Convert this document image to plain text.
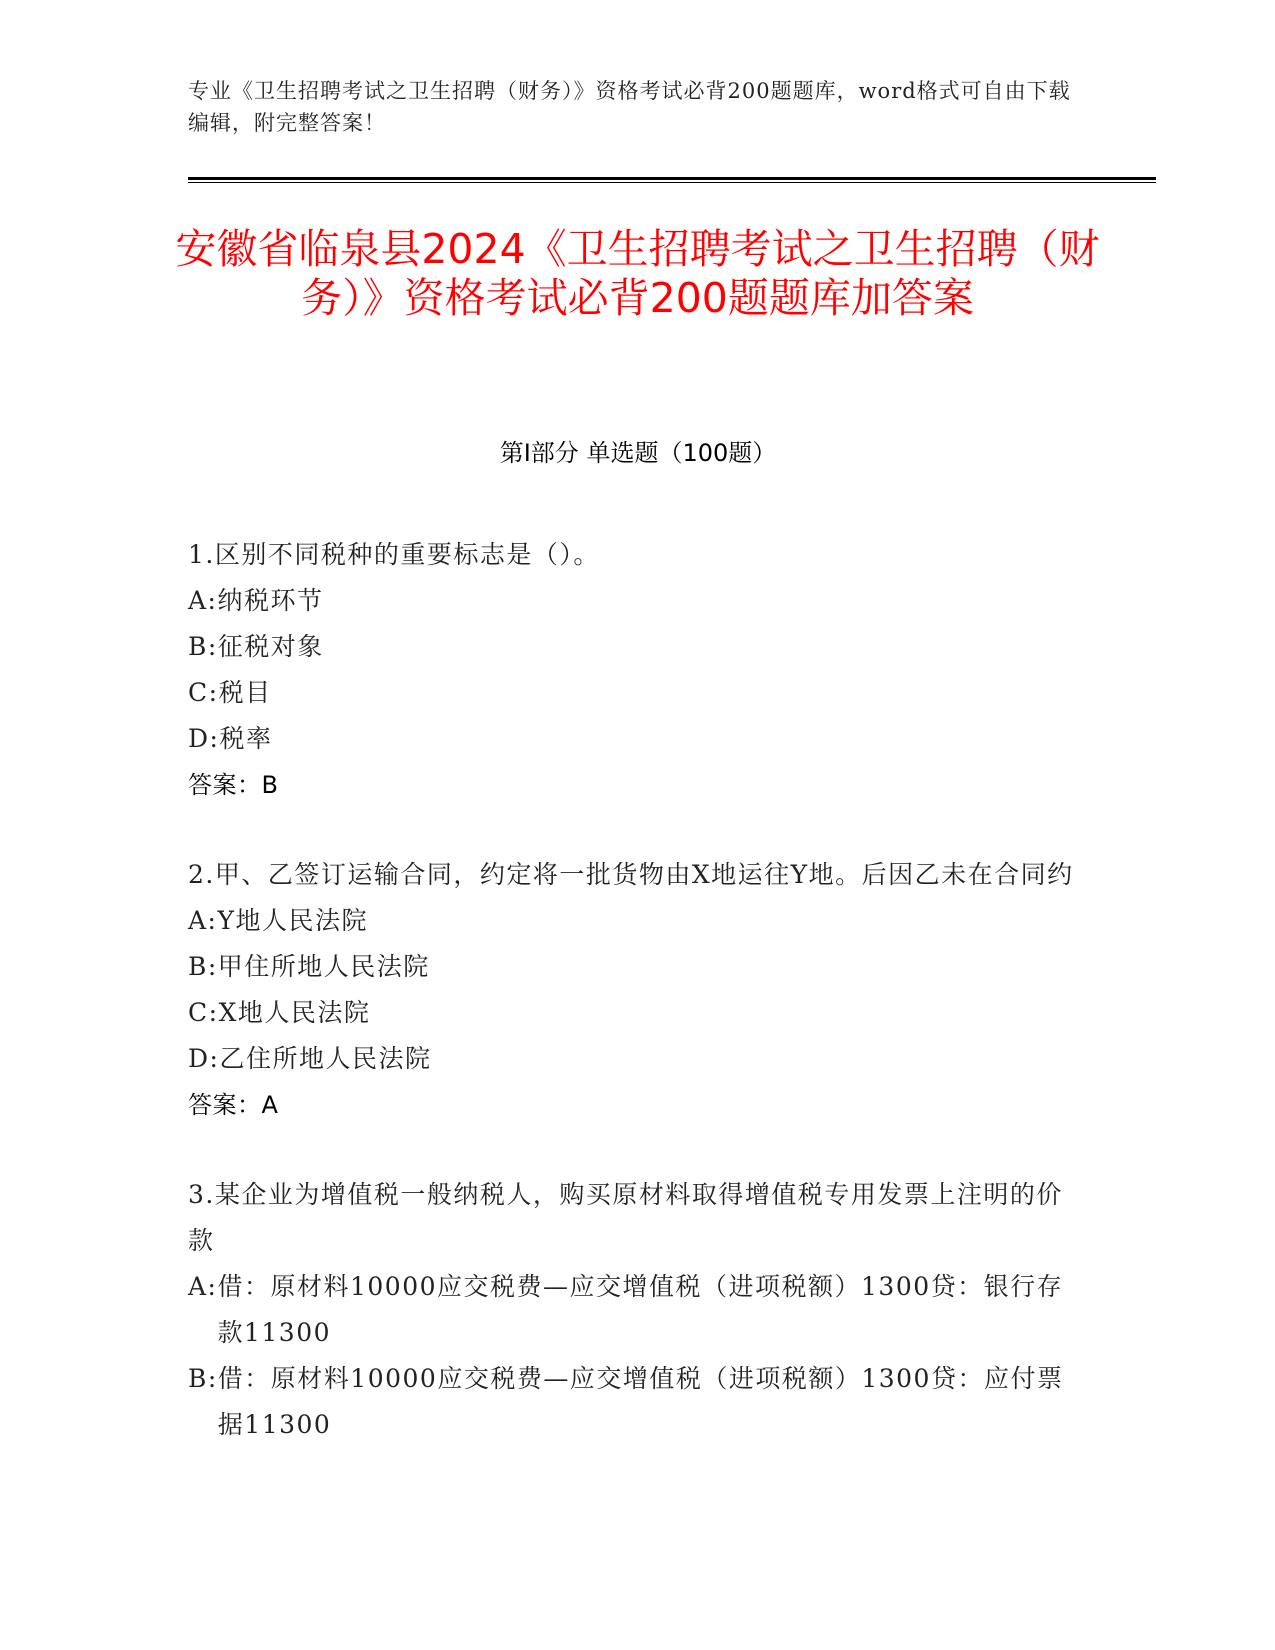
专业《卫生招聘考试之卫生招聘（财务）》资格考试必背200题题库，word格式可自由下载编辑，附完整答案！
安徽省临泉县2024《卫生招聘考试之卫生招聘（财务）》资格考试必背200题题库加答案
第I部分 单选题（100题）
1.区别不同税种的重要标志是（）。
A: 纳税环节
B: 征税对象
C: 税目
D: 税率
答案：B
2.甲、乙签订运输合同，约定将一批货物由X地运往Y地。后因乙未在合同约
A: Y地人民法院
B: 甲住所地人民法院
C: X地人民法院
D: 乙住所地人民法院
答案：A
3.某企业为增值税一般纳税人，购买原材料取得增值税专用发票上注明的价款
A: 借：原材料10000应交税费—应交增值税（进项税额）1300贷：银行存款11300
B: 借：原材料10000应交税费—应交增值税（进项税额）1300贷：应付票据11300
